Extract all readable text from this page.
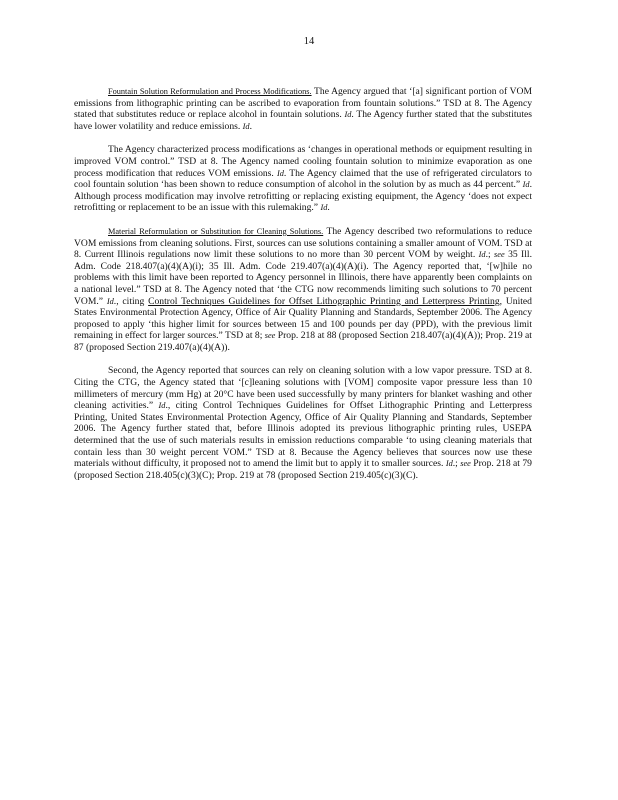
14

Fountain Solution Reformulation and Process Modifications. The Agency argued that ‘[a] significant portion of VOM emissions from lithographic printing can be ascribed to evaporation from fountain solutions.” TSD at 8. The Agency stated that substitutes reduce or replace alcohol in fountain solutions. Id. The Agency further stated that the substitutes have lower volatility and reduce emissions. Id.

The Agency characterized process modifications as ‘changes in operational methods or equipment resulting in improved VOM control.” TSD at 8. The Agency named cooling fountain solution to minimize evaporation as one process modification that reduces VOM emissions. Id. The Agency claimed that the use of refrigerated circulators to cool fountain solution ‘has been shown to reduce consumption of alcohol in the solution by as much as 44 percent.” Id. Although process modification may involve retrofitting or replacing existing equipment, the Agency ‘does not expect retrofitting or replacement to be an issue with this rulemaking.” Id.

Material Reformulation or Substitution for Cleaning Solutions. The Agency described two reformulations to reduce VOM emissions from cleaning solutions. First, sources can use solutions containing a smaller amount of VOM. TSD at 8. Current Illinois regulations now limit these solutions to no more than 30 percent VOM by weight. Id.; see 35 Ill. Adm. Code 218.407(a)(4)(A)(i); 35 Ill. Adm. Code 219.407(a)(4)(A)(i). The Agency reported that, ‘[w]hile no problems with this limit have been reported to Agency personnel in Illinois, there have apparently been complaints on a national level.” TSD at 8. The Agency noted that ‘the CTG now recommends limiting such solutions to 70 percent VOM.” Id., citing Control Techniques Guidelines for Offset Lithographic Printing and Letterpress Printing, United States Environmental Protection Agency, Office of Air Quality Planning and Standards, September 2006. The Agency proposed to apply ‘this higher limit for sources between 15 and 100 pounds per day (PPD), with the previous limit remaining in effect for larger sources.” TSD at 8; see Prop. 218 at 88 (proposed Section 218.407(a)(4)(A)); Prop. 219 at 87 (proposed Section 219.407(a)(4)(A)).

Second, the Agency reported that sources can rely on cleaning solution with a low vapor pressure. TSD at 8. Citing the CTG, the Agency stated that ‘[c]leaning solutions with [VOM] composite vapor pressure less than 10 millimeters of mercury (mm Hg) at 20°C have been used successfully by many printers for blanket washing and other cleaning activities.” Id., citing Control Techniques Guidelines for Offset Lithographic Printing and Letterpress Printing, United States Environmental Protection Agency, Office of Air Quality Planning and Standards, September 2006. The Agency further stated that, before Illinois adopted its previous lithographic printing rules, USEPA determined that the use of such materials results in emission reductions comparable ‘to using cleaning materials that contain less than 30 weight percent VOM.” TSD at 8. Because the Agency believes that sources now use these materials without difficulty, it proposed not to amend the limit but to apply it to smaller sources. Id.; see Prop. 218 at 79 (proposed Section 218.405(c)(3)(C); Prop. 219 at 78 (proposed Section 219.405(c)(3)(C).
